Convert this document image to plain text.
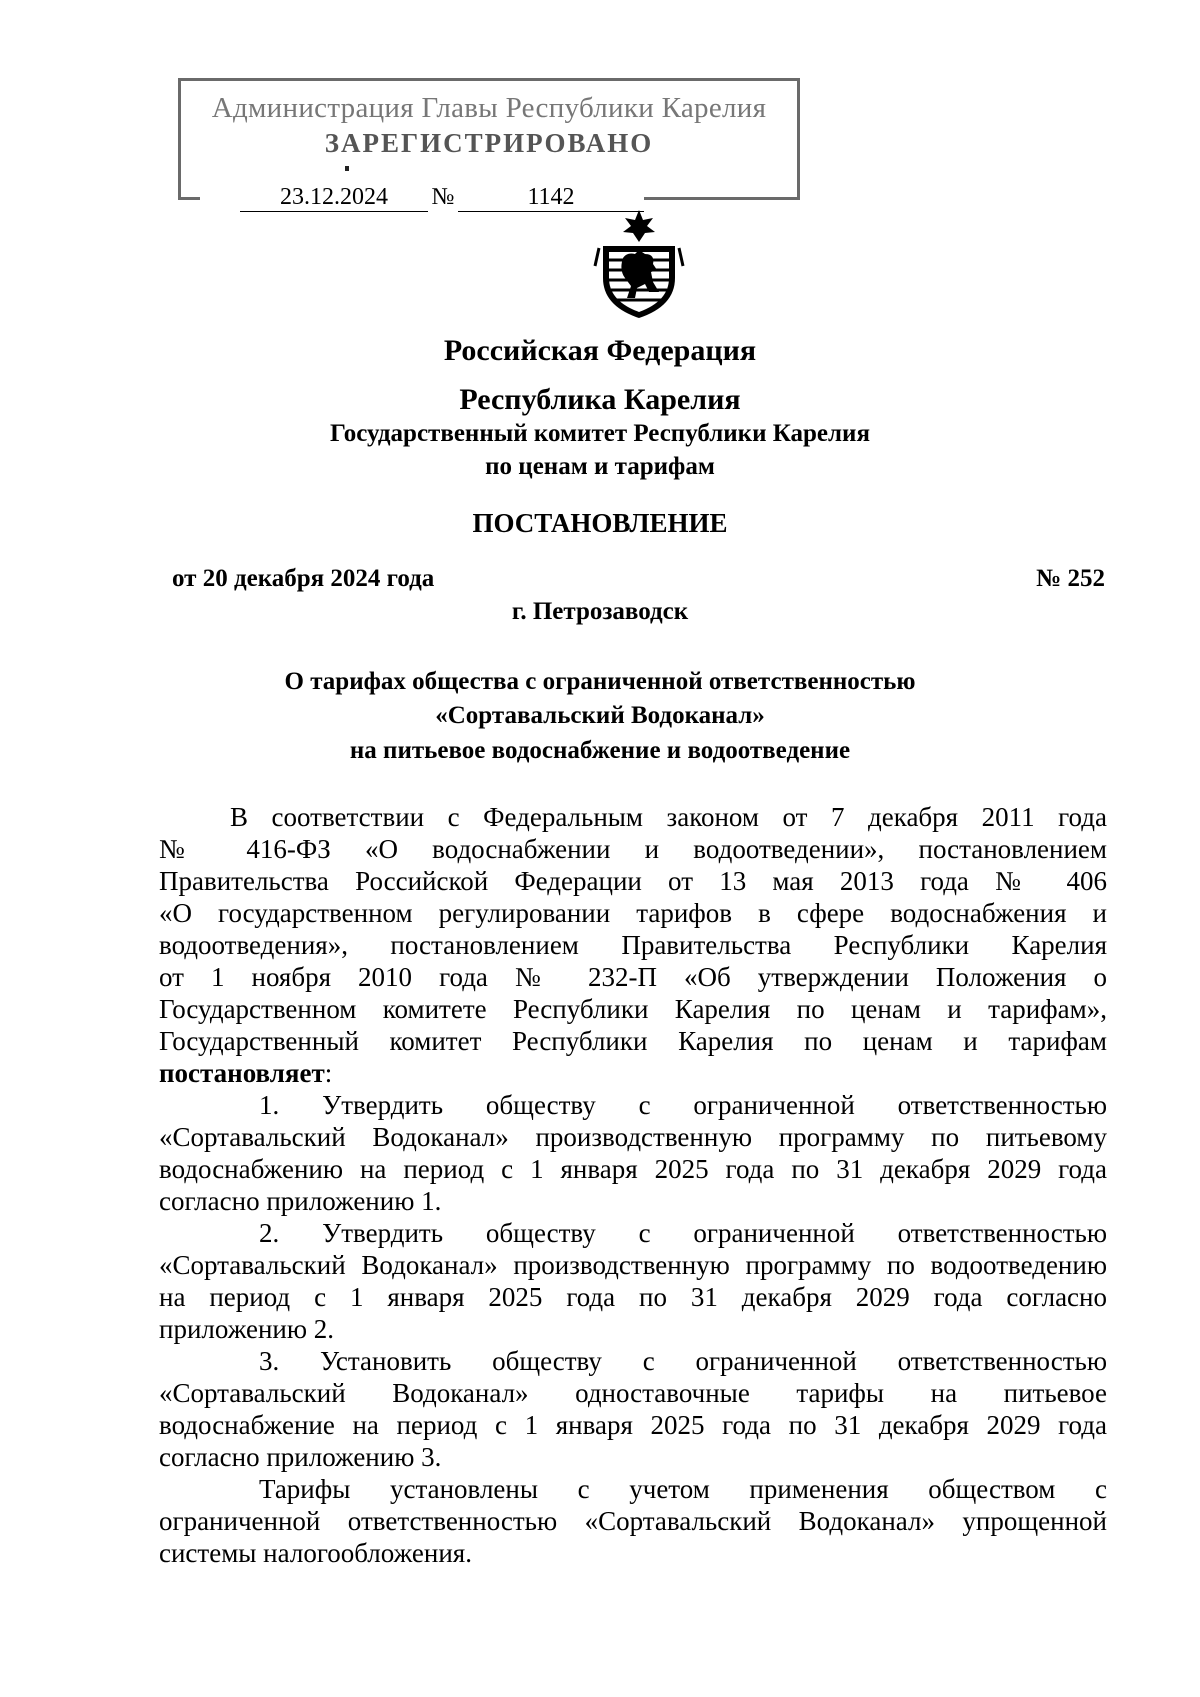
Администрация Главы Республики Карелия
ЗАРЕГИСТРИРОВАНО
23.12.2024	№	1142
Российская Федерация
Республика Карелия
Государственный комитет Республики Карелия
по ценам и тарифам
ПОСТАНОВЛЕНИЕ
от 20 декабря 2024 года	№ 252
г. Петрозаводск
О тарифах общества с ограниченной ответственностью
«Сортавальский Водоканал»
на питьевое водоснабжение и водоотведение
В соответствии с Федеральным законом от 7 декабря 2011 года
№ 416-ФЗ «О водоснабжении и водоотведении», постановлением
Правительства Российской Федерации от 13 мая 2013 года № 406
«О государственном регулировании тарифов в сфере водоснабжения и
водоотведения», постановлением Правительства Республики Карелия
от 1 ноября 2010 года № 232-П «Об утверждении Положения о
Государственном комитете Республики Карелия по ценам и тарифам»,
Государственный комитет Республики Карелия по ценам и тарифам
постановляет:
1. Утвердить обществу с ограниченной ответственностью
«Сортавальский Водоканал» производственную программу по питьевому
водоснабжению на период с 1 января 2025 года по 31 декабря 2029 года
согласно приложению 1.
2. Утвердить обществу с ограниченной ответственностью
«Сортавальский Водоканал» производственную программу по водоотведению
на период с 1 января 2025 года по 31 декабря 2029 года согласно
приложению 2.
3. Установить обществу с ограниченной ответственностью
«Сортавальский Водоканал» одноставочные тарифы на питьевое
водоснабжение на период с 1 января 2025 года по 31 декабря 2029 года
согласно приложению 3.
Тарифы установлены с учетом применения обществом с
ограниченной ответственностью «Сортавальский Водоканал» упрощенной
системы налогообложения.
